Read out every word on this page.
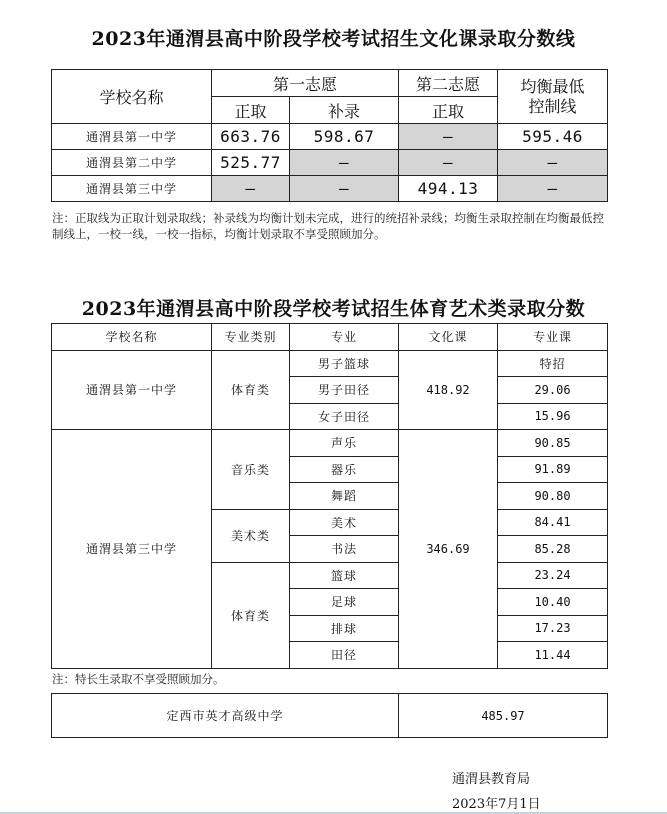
2023年通渭县高中阶段学校考试招生文化课录取分数线
学校名称	第一志愿		第二志愿	均衡最低控制线
	正取	补录	正取	
通渭县第一中学	663.76	598.67	—	595.46
通渭县第二中学	525.77	—	—	—
通渭县第三中学	—	—	494.13	—
注：正取线为正取计划录取线；补录线为均衡计划未完成，进行的统招补录线；均衡生录取控制在均衡最低控制线上，一校一线，一校一指标，均衡计划录取不享受照顾加分。
2023年通渭县高中阶段学校考试招生体育艺术类录取分数
学校名称	专业类别	专业	文化课	专业课
通渭县第一中学	体育类	男子篮球	418.92	特招
		男子田径		29.06
		女子田径		15.96
通渭县第三中学	音乐类	声乐	346.69	90.85
		器乐		91.89
		舞蹈		90.80
	美术类	美术		84.41
		书法		85.28
	体育类	篮球		23.24
		足球		10.40
		排球		17.23
		田径		11.44
注：特长生录取不享受照顾加分。
定西市英才高级中学	485.97
通渭县教育局
2023年7月1日
